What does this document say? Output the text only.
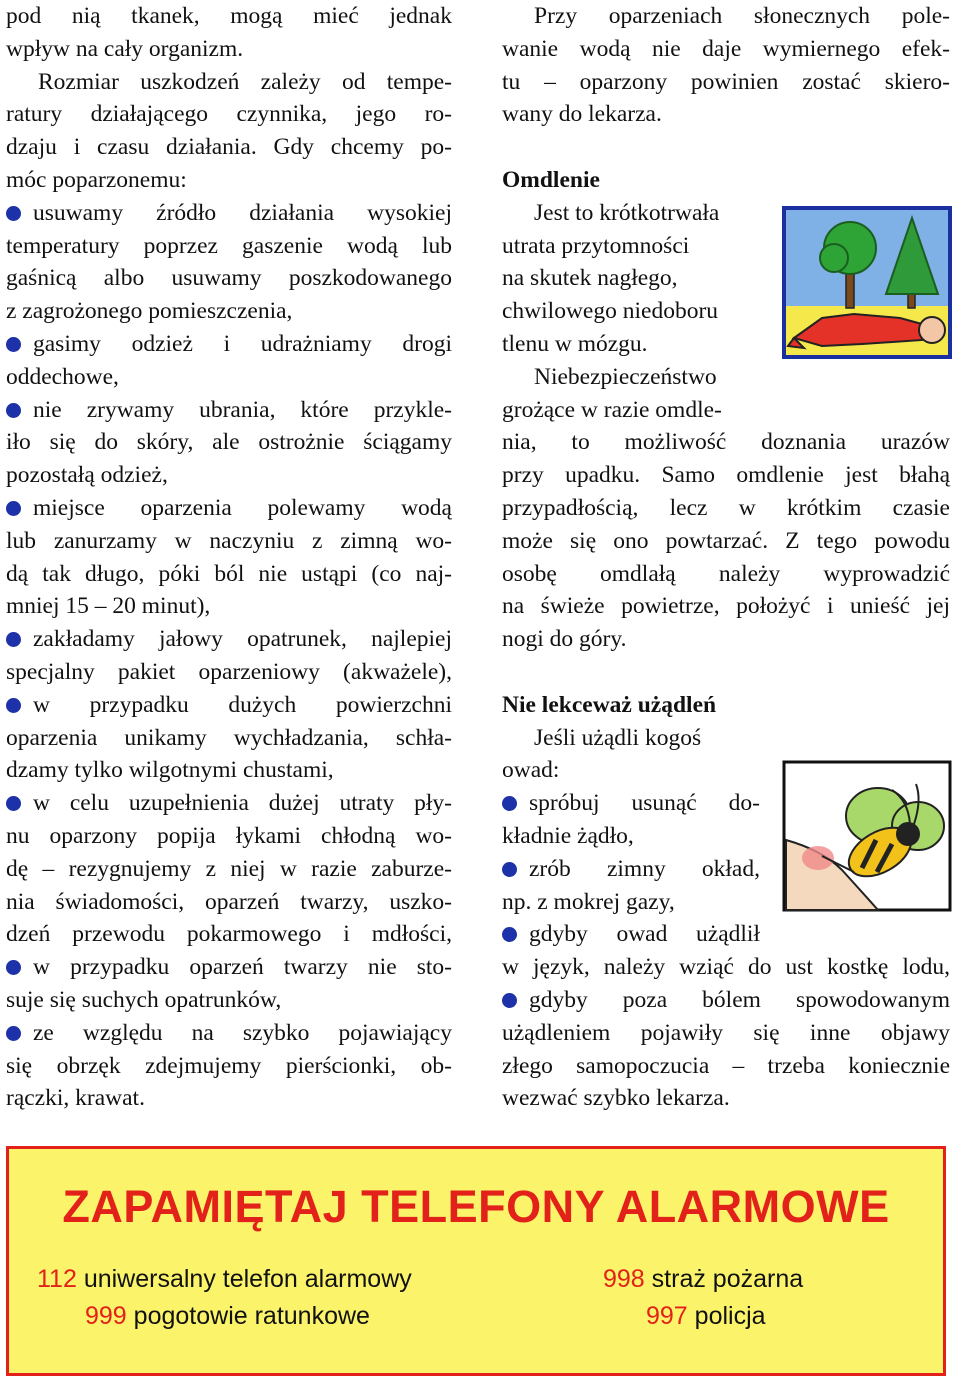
pod nią tkanek, mogą mieć jednak
wpływ na cały organizm.
Rozmiar uszkodzeń zależy od tempe-
ratury działającego czynnika, jego ro-
dzaju i czasu działania. Gdy chcemy po-
móc poparzonemu:
usuwamy źródło działania wysokiej
temperatury poprzez gaszenie wodą lub
gaśnicą albo usuwamy poszkodowanego
z zagrożonego pomieszczenia,
gasimy odzież i udrażniamy drogi
oddechowe,
nie zrywamy ubrania, które przykle-
iło się do skóry, ale ostrożnie ściągamy
pozostałą odzież,
miejsce oparzenia polewamy wodą
lub zanurzamy w naczyniu z zimną wo-
dą tak długo, póki ból nie ustąpi (co naj-
mniej 15 – 20 minut),
zakładamy jałowy opatrunek, najlepiej
specjalny pakiet oparzeniowy (akważele),
w przypadku dużych powierzchni
oparzenia unikamy wychładzania, schła-
dzamy tylko wilgotnymi chustami,
w celu uzupełnienia dużej utraty pły-
nu oparzony popija łykami chłodną wo-
dę – rezygnujemy z niej w razie zaburze-
nia świadomości, oparzeń twarzy, uszko-
dzeń przewodu pokarmowego i mdłości,
w przypadku oparzeń twarzy nie sto-
suje się suchych opatrunków,
ze względu na szybko pojawiający
się obrzęk zdejmujemy pierścionki, ob-
rączki, krawat.
Przy oparzeniach słonecznych pole-
wanie wodą nie daje wymiernego efek-
tu – oparzony powinien zostać skiero-
wany do lekarza.
Omdlenie
Jest to krótkotrwała
utrata przytomności
na skutek nagłego,
chwilowego niedoboru
tlenu w mózgu.
Niebezpieczeństwo
grożące w razie omdle-
nia, to możliwość doznania urazów
przy upadku. Samo omdlenie jest błahą
przypadłością, lecz w krótkim czasie
może się ono powtarzać. Z tego powodu
osobę omdlałą należy wyprowadzić
na świeże powietrze, położyć i unieść jej
nogi do góry.
Nie lekceważ użądleń
Jeśli użądli kogoś
owad:
spróbuj usunąć do-
kładnie żądło,
zrób zimny okład,
np. z mokrej gazy,
gdyby owad użądlił
w język, należy wziąć do ust kostkę lodu,
gdyby poza bólem spowodowanym
użądleniem pojawiły się inne objawy
złego samopoczucia – trzeba koniecznie
wezwać szybko lekarza.
ZAPAMIĘTAJ TELEFONY ALARMOWE
112 uniwersalny telefon alarmowy
999 pogotowie ratunkowe
998 straż pożarna
997 policja
